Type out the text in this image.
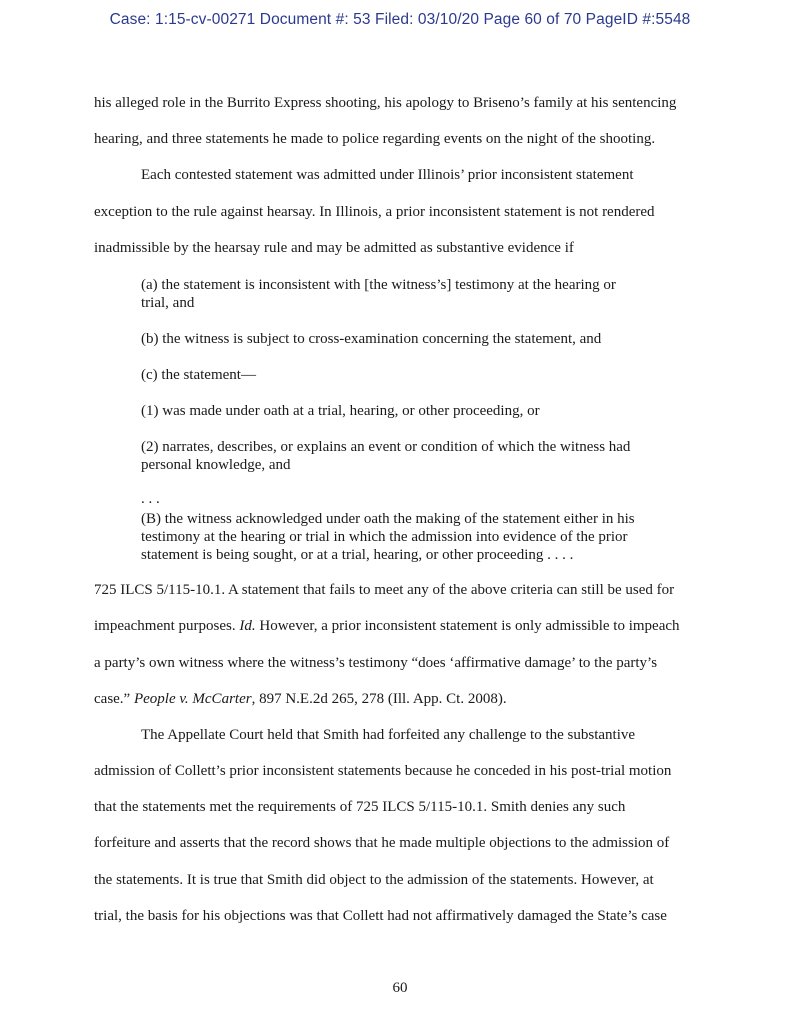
Case: 1:15-cv-00271 Document #: 53 Filed: 03/10/20 Page 60 of 70 PageID #:5548
his alleged role in the Burrito Express shooting, his apology to Briseno’s family at his sentencing
hearing, and three statements he made to police regarding events on the night of the shooting.
Each contested statement was admitted under Illinois’ prior inconsistent statement
exception to the rule against hearsay. In Illinois, a prior inconsistent statement is not rendered
inadmissible by the hearsay rule and may be admitted as substantive evidence if
(a) the statement is inconsistent with [the witness’s] testimony at the hearing or
trial, and
(b) the witness is subject to cross-examination concerning the statement, and
(c) the statement—
(1) was made under oath at a trial, hearing, or other proceeding, or
(2) narrates, describes, or explains an event or condition of which the witness had
personal knowledge, and
. . .
(B) the witness acknowledged under oath the making of the statement either in his
testimony at the hearing or trial in which the admission into evidence of the prior
statement is being sought, or at a trial, hearing, or other proceeding . . . .
725 ILCS 5/115-10.1. A statement that fails to meet any of the above criteria can still be used for
impeachment purposes. Id. However, a prior inconsistent statement is only admissible to impeach
a party’s own witness where the witness’s testimony “does ‘affirmative damage’ to the party’s
case.” People v. McCarter, 897 N.E.2d 265, 278 (Ill. App. Ct. 2008).
The Appellate Court held that Smith had forfeited any challenge to the substantive
admission of Collett’s prior inconsistent statements because he conceded in his post-trial motion
that the statements met the requirements of 725 ILCS 5/115-10.1. Smith denies any such
forfeiture and asserts that the record shows that he made multiple objections to the admission of
the statements. It is true that Smith did object to the admission of the statements. However, at
trial, the basis for his objections was that Collett had not affirmatively damaged the State’s case
60
